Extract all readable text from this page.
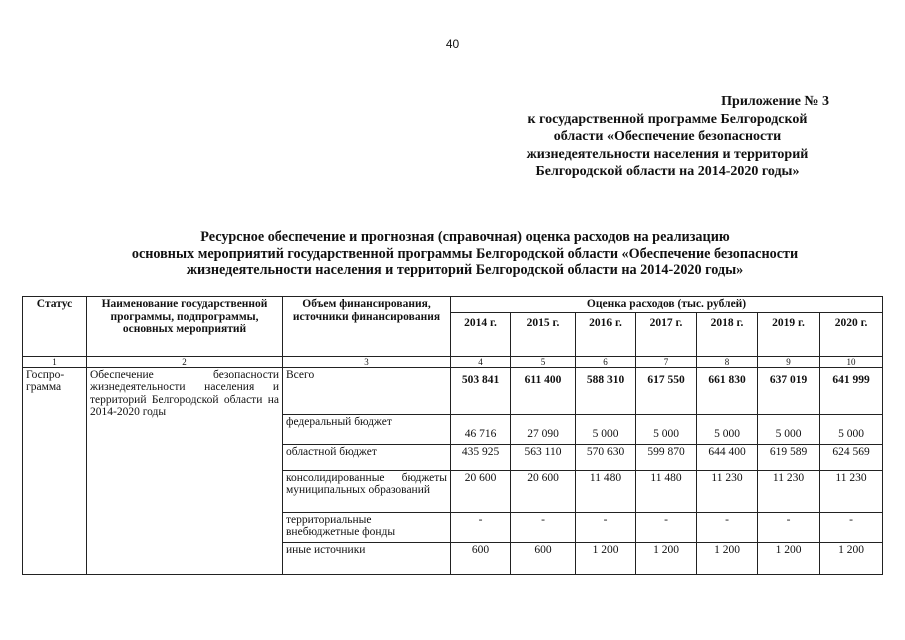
40
Приложение № 3
к государственной программе Белгородской
области «Обеспечение безопасности
жизнедеятельности населения и территорий
Белгородской области на 2014-2020 годы»
Ресурсное обеспечение и прогнозная (справочная) оценка расходов на реализацию
основных мероприятий государственной программы Белгородской области «Обеспечение безопасности
жизнедеятельности населения и территорий Белгородской области на 2014-2020 годы»
Статус	Наименование государственной программы, подпрограммы, основных мероприятий	Объем финансирования, источники финансирования	Оценка расходов (тыс. рублей)						
			2014 г.	2015 г.	2016 г.	2017 г.	2018 г.	2019 г.	2020 г.
1	2	3	4	5	6	7	8	9	10
Госпро-грамма	Обеспечение безопасности жизнедеятельности населения и территорий Белгородской области на 2014-2020 годы	Всего	503 841	611 400	588 310	617 550	661 830	637 019	641 999
		федеральный бюджет	46 716	27 090	5 000	5 000	5 000	5 000	5 000
		областной бюджет	435 925	563 110	570 630	599 870	644 400	619 589	624 569
		консолидированные бюджеты муниципальных образований	20 600	20 600	11 480	11 480	11 230	11 230	11 230
		территориальные внебюджетные фонды	-	-	-	-	-	-	-
		иные источники	600	600	1 200	1 200	1 200	1 200	1 200
